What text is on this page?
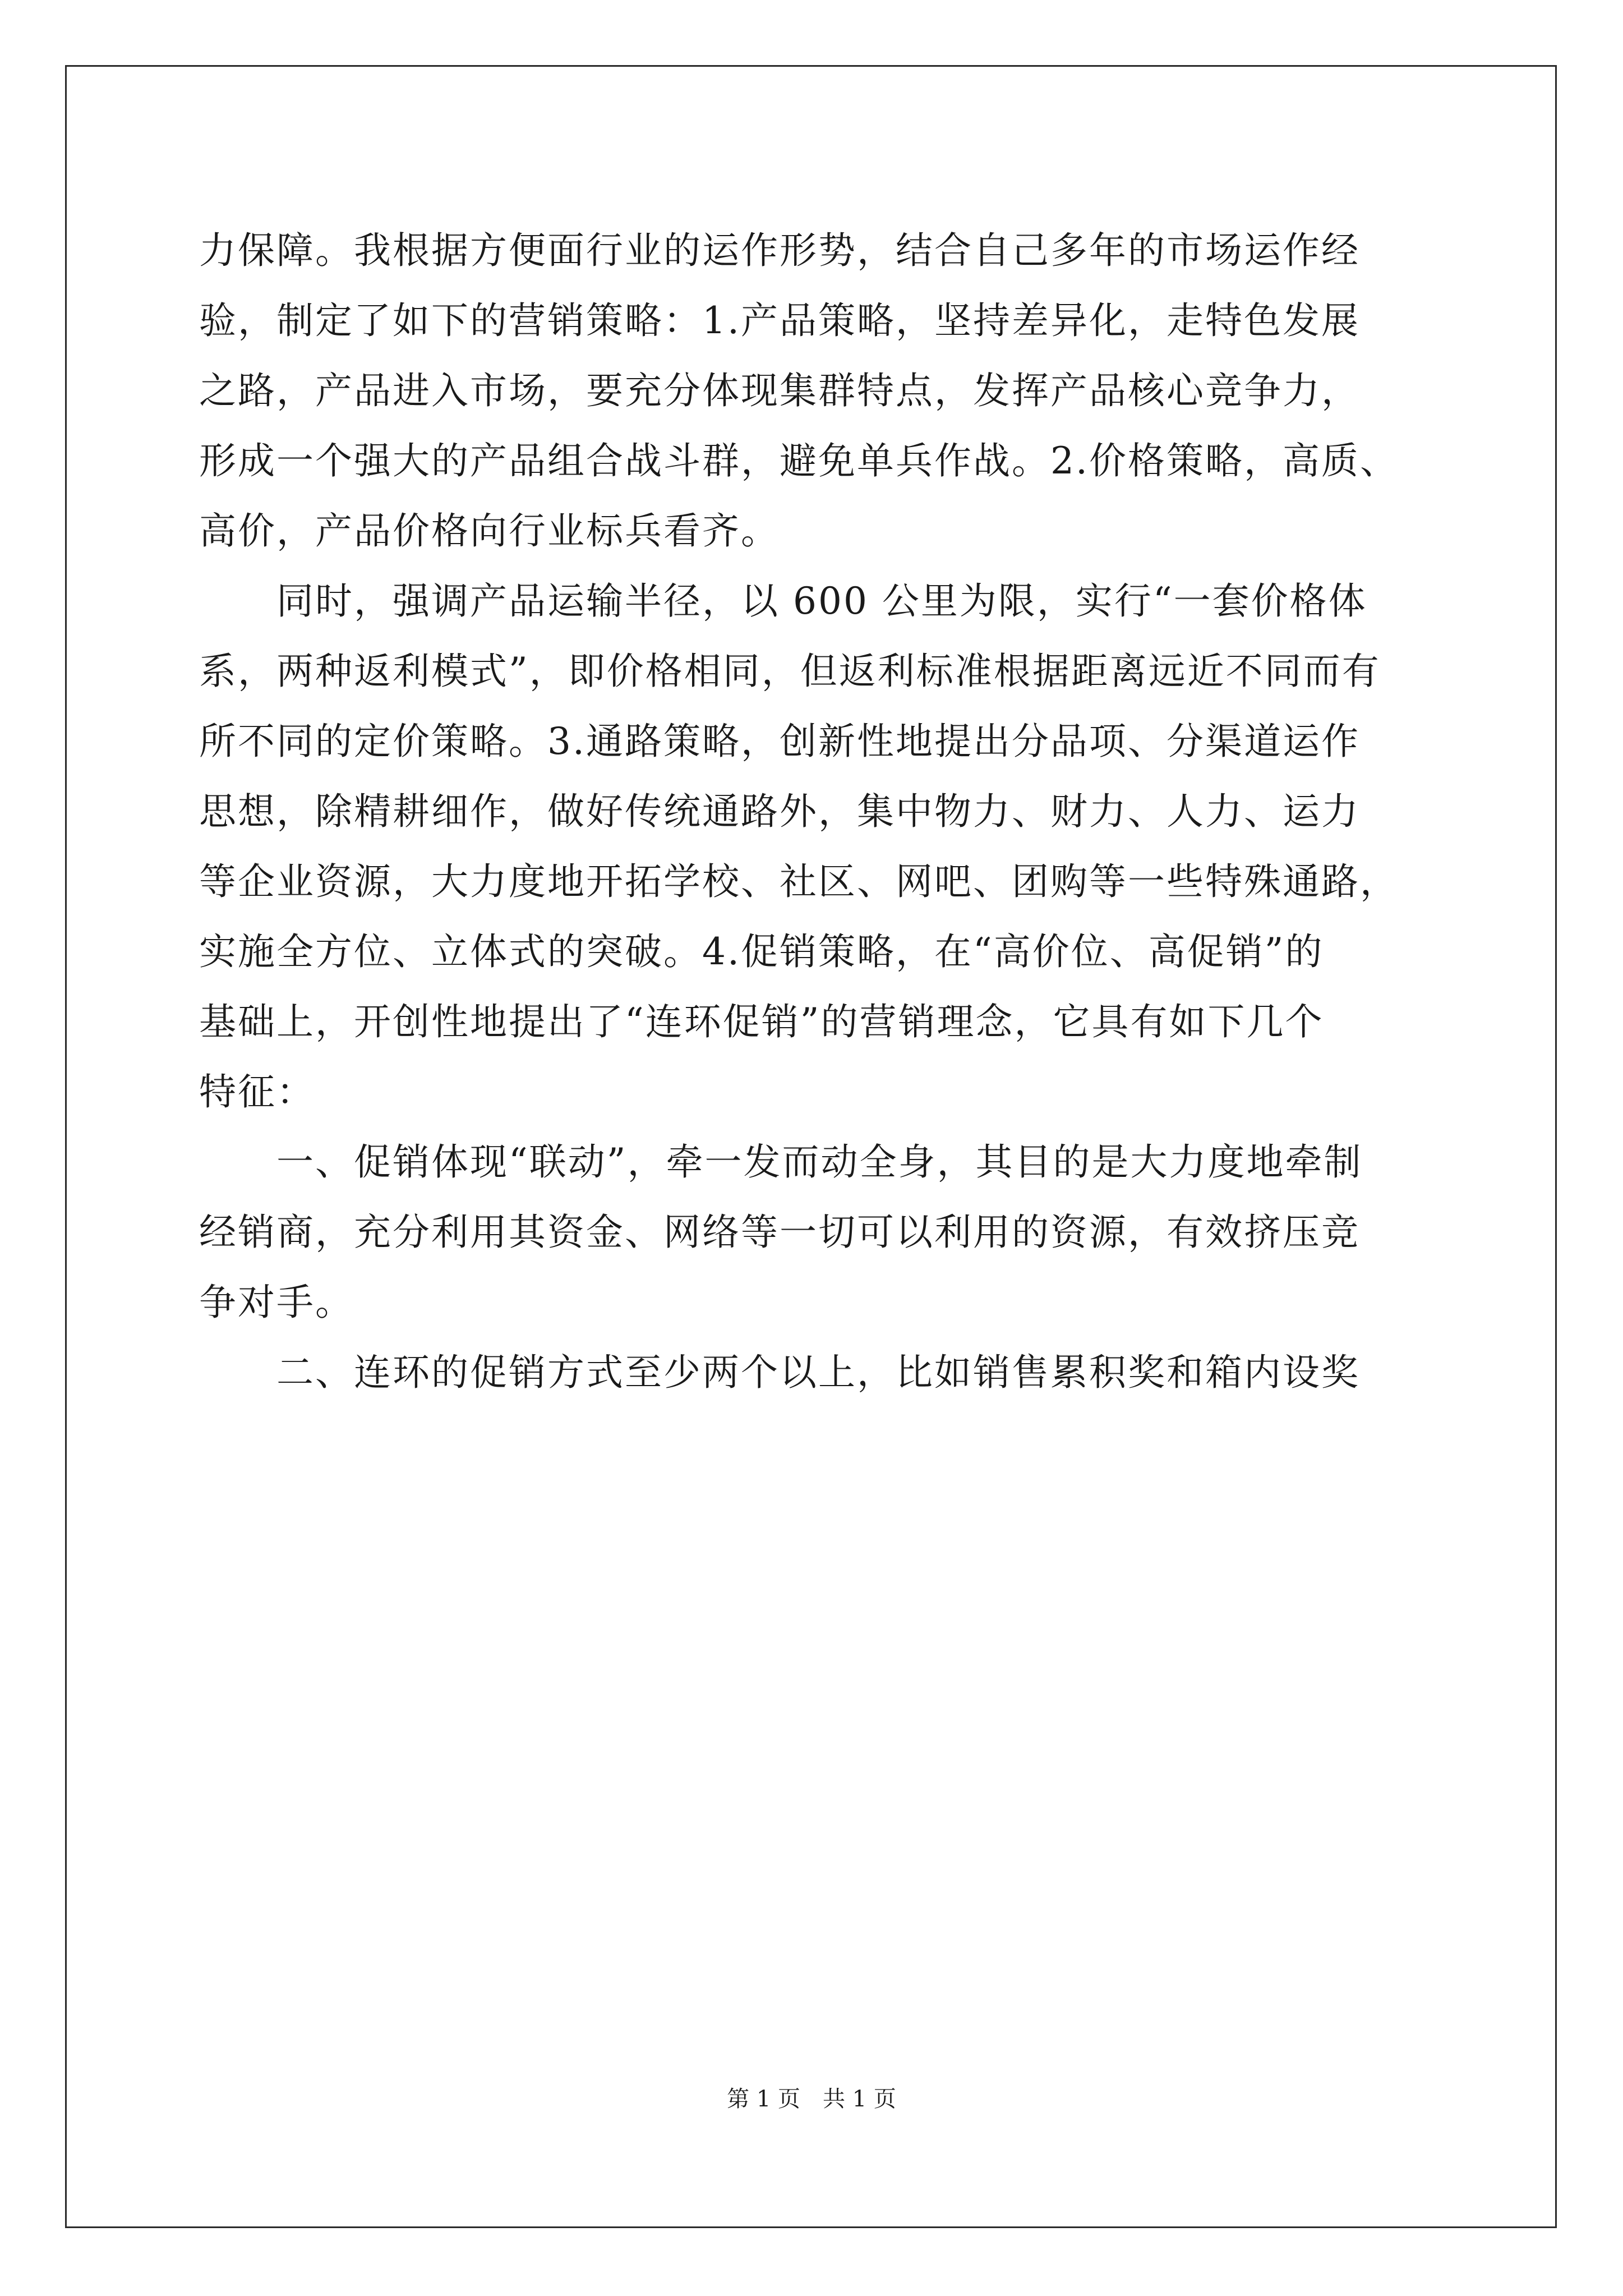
力保障。我根据方便面行业的运作形势，结合自己多年的市场运作经
验，制定了如下的营销策略：1.产品策略，坚持差异化，走特色发展
之路，产品进入市场，要充分体现集群特点，发挥产品核心竞争力，
形成一个强大的产品组合战斗群，避免单兵作战。2.价格策略，高质、
高价，产品价格向行业标兵看齐。
　　同时，强调产品运输半径，以 600 公里为限，实行“一套价格体
系，两种返利模式”，即价格相同，但返利标准根据距离远近不同而有
所不同的定价策略。3.通路策略，创新性地提出分品项、分渠道运作
思想，除精耕细作，做好传统通路外，集中物力、财力、人力、运力
等企业资源，大力度地开拓学校、社区、网吧、团购等一些特殊通路，
实施全方位、立体式的突破。4.促销策略，在“高价位、高促销”的
基础上，开创性地提出了“连环促销”的营销理念，它具有如下几个
特征：
　　一、促销体现“联动”，牵一发而动全身，其目的是大力度地牵制
经销商，充分利用其资金、网络等一切可以利用的资源，有效挤压竞
争对手。
　　二、连环的促销方式至少两个以上，比如销售累积奖和箱内设奖
第 1 页　共 1 页
